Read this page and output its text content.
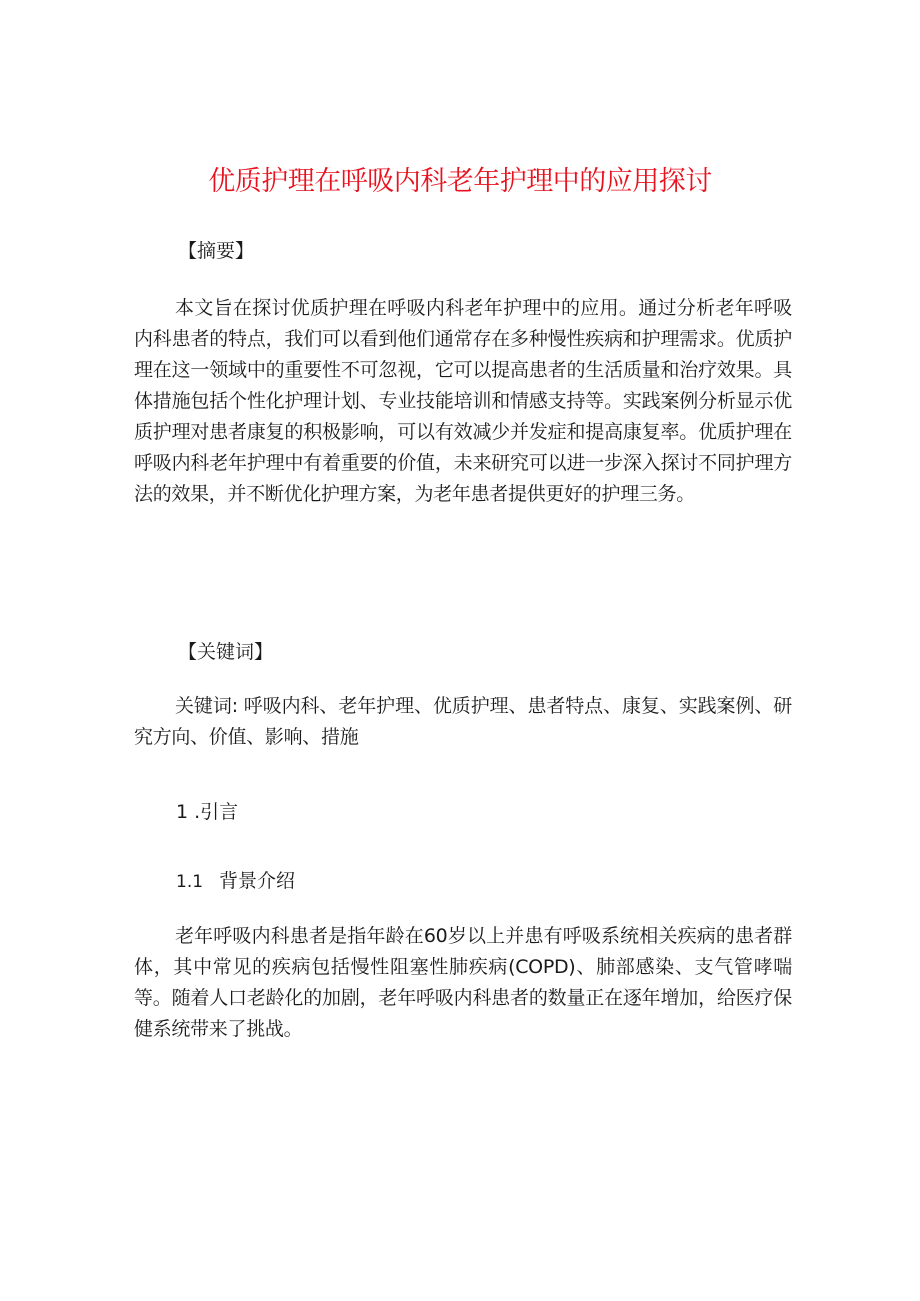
优质护理在呼吸内科老年护理中的应用探讨
【摘要】
本文旨在探讨优质护理在呼吸内科老年护理中的应用。通过分析老年呼吸内科患者的特点，我们可以看到他们通常存在多种慢性疾病和护理需求。优质护理在这一领域中的重要性不可忽视，它可以提高患者的生活质量和治疗效果。具体措施包括个性化护理计划、专业技能培训和情感支持等。实践案例分析显示优质护理对患者康复的积极影响，可以有效减少并发症和提高康复率。优质护理在呼吸内科老年护理中有着重要的价值，未来研究可以进一步深入探讨不同护理方法的效果，并不断优化护理方案，为老年患者提供更好的护理三务。
【关键词】
关键词: 呼吸内科、老年护理、优质护理、患者特点、康复、实践案例、研究方向、价值、影响、措施
1 .引言
1.1 背景介绍
老年呼吸内科患者是指年龄在60岁以上并患有呼吸系统相关疾病的患者群体，其中常见的疾病包括慢性阻塞性肺疾病(COPD)、肺部感染、支气管哮喘等。随着人口老龄化的加剧，老年呼吸内科患者的数量正在逐年增加，给医疗保健系统带来了挑战。
